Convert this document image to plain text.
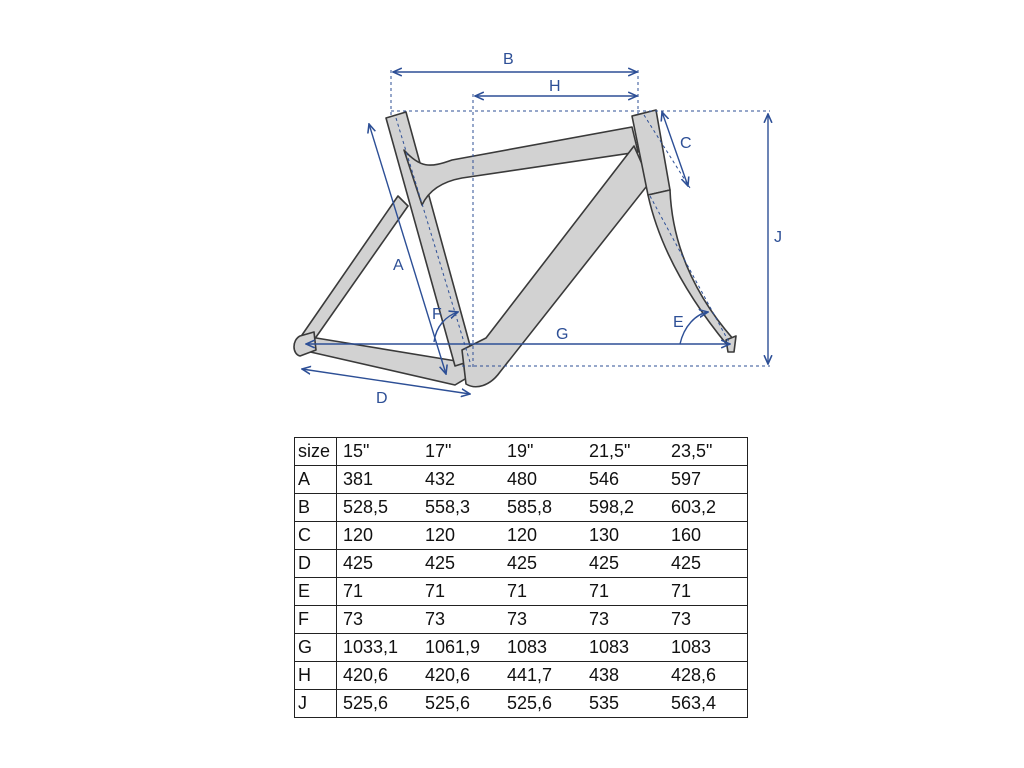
B
H
C
J
A
F
G
E
D
size	15"	17"	19"	21,5"	23,5"
A	381	432	480	546	597
B	528,5	558,3	585,8	598,2	603,2
C	120	120	120	130	160
D	425	425	425	425	425
E	71	71	71	71	71
F	73	73	73	73	73
G	1033,1	1061,9	1083	1083	1083
H	420,6	420,6	441,7	438	428,6
J	525,6	525,6	525,6	535	563,4
